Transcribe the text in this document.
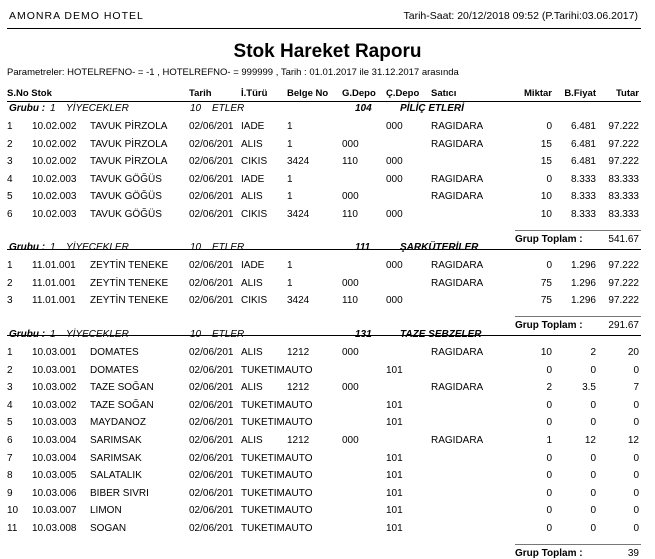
AMONRA DEMO HOTEL	Tarih-Saat: 20/12/2018 09:52 (P.Tarihi:03.06.2017)
Stok Hareket Raporu
Parametreler: HOTELREFNO- = -1 , HOTELREFNO- = 999999 , Tarih : 01.01.2017 ile 31.12.2017 arasında
S.No Stok	Tarih	İ.Türü Belge No G.Depo Ç.Depo Satıcı	Miktar B.Fiyat Tutar
Grubu : 1 YİYECEKLER	10 ETLER	104	PİLİÇ ETLERİ
1 10.02.002 TAVUK PİRZOLA 02/06/201 IADE 1	000	RAGIDARA	0 6.481 97.222
2 10.02.002 TAVUK PİRZOLA 02/06/201 ALIS 1	000	RAGIDARA	15 6.481 97.222
3 10.02.002 TAVUK PİRZOLA 02/06/201 CIKIS 3424	110	000	15 6.481 97.222
4 10.02.003 TAVUK GÖĞÜS	02/06/201 IADE 1	000	RAGIDARA	0 8.333 83.333
5 10.02.003 TAVUK GÖĞÜS	02/06/201 ALIS 1	000	RAGIDARA	10 8.333 83.333
6 10.02.003 TAVUK GÖĞÜS	02/06/201 CIKIS 3424	110	000	10 8.333 83.333
Grup Toplam :	541.67
Grubu : 1 YİYECEKLER	10 ETLER	111	ŞARKÜTERİLER
1 11.01.001 ZEYTİN TENEKE 02/06/201 IADE 1	000	RAGIDARA	0 1.296 97.222
2 11.01.001 ZEYTİN TENEKE 02/06/201 ALIS 1	000	RAGIDARA	75 1.296 97.222
3 11.01.001 ZEYTİN TENEKE 02/06/201 CIKIS 3424	110	000	75 1.296 97.222
Grup Toplam :	291.67
Grubu : 1 YİYECEKLER	10 ETLER	131	TAZE SEBZELER
1 10.03.001 DOMATES	02/06/201 ALIS 1212	000	RAGIDARA	10	2	20
2 10.03.001 DOMATES	02/06/201 TUKETIMAUTO	101	0	0	0
3 10.03.002 TAZE SOĞAN	02/06/201 ALIS 1212	000	RAGIDARA	2	3.5	7
4 10.03.002 TAZE SOĞAN	02/06/201 TUKETIMAUTO	101	0	0	0
5 10.03.003 MAYDANOZ	02/06/201 TUKETIMAUTO	101	0	0	0
6 10.03.004 SARIMSAK	02/06/201 ALIS 1212	000	RAGIDARA	1	12	12
7 10.03.004 SARIMSAK	02/06/201 TUKETIMAUTO	101	0	0	0
8 10.03.005 SALATALIK	02/06/201 TUKETIMAUTO	101	0	0	0
9 10.03.006 BIBER SIVRI	02/06/201 TUKETIMAUTO	101	0	0	0
10 10.03.007 LIMON	02/06/201 TUKETIMAUTO	101	0	0	0
11 10.03.008 SOGAN	02/06/201 TUKETIMAUTO	101	0	0	0
Grup Toplam :	39
